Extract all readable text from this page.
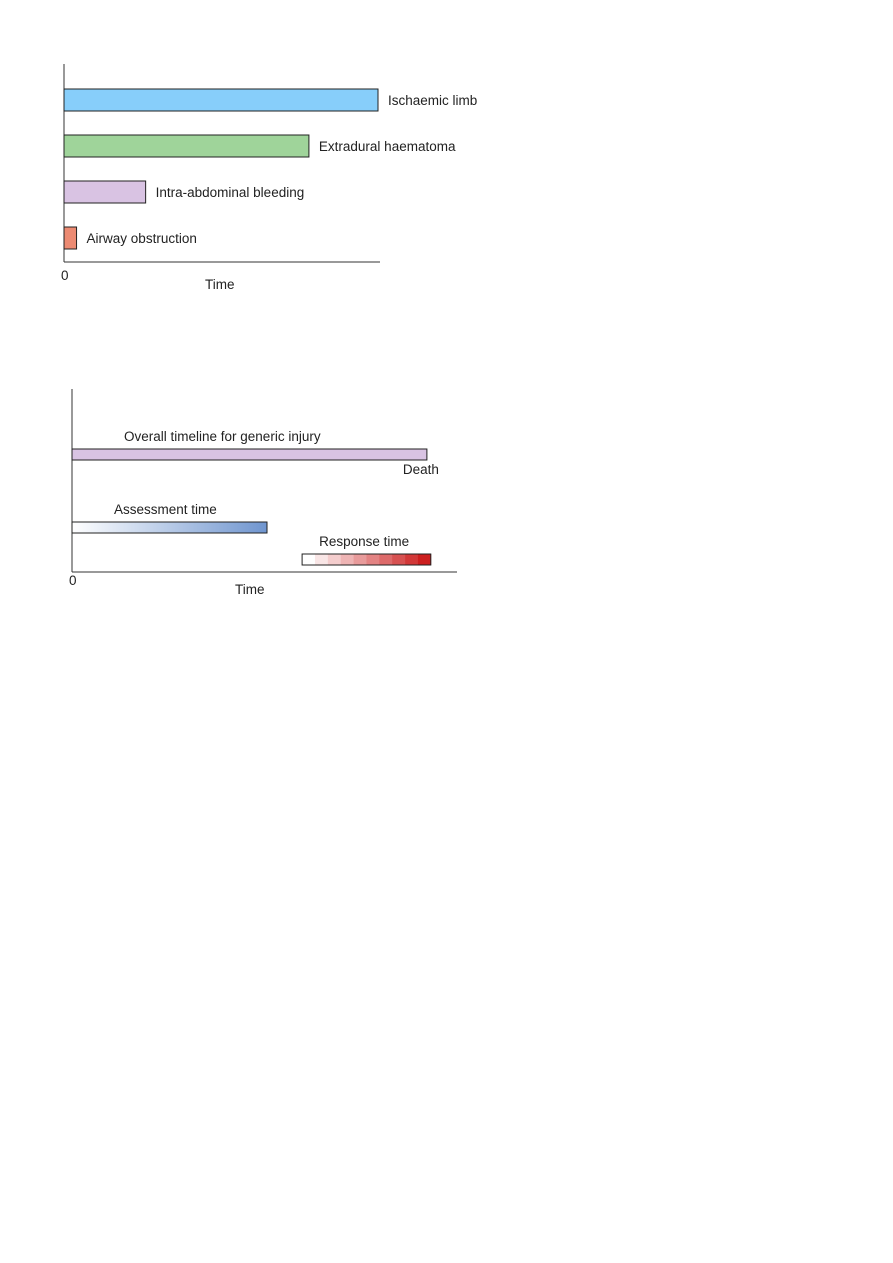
Ischaemic limb
Extradural haematoma
Intra-abdominal bleeding
Airway obstruction
0
Time
Overall timeline for generic injury
Death
Assessment time
Response time
0
Time
